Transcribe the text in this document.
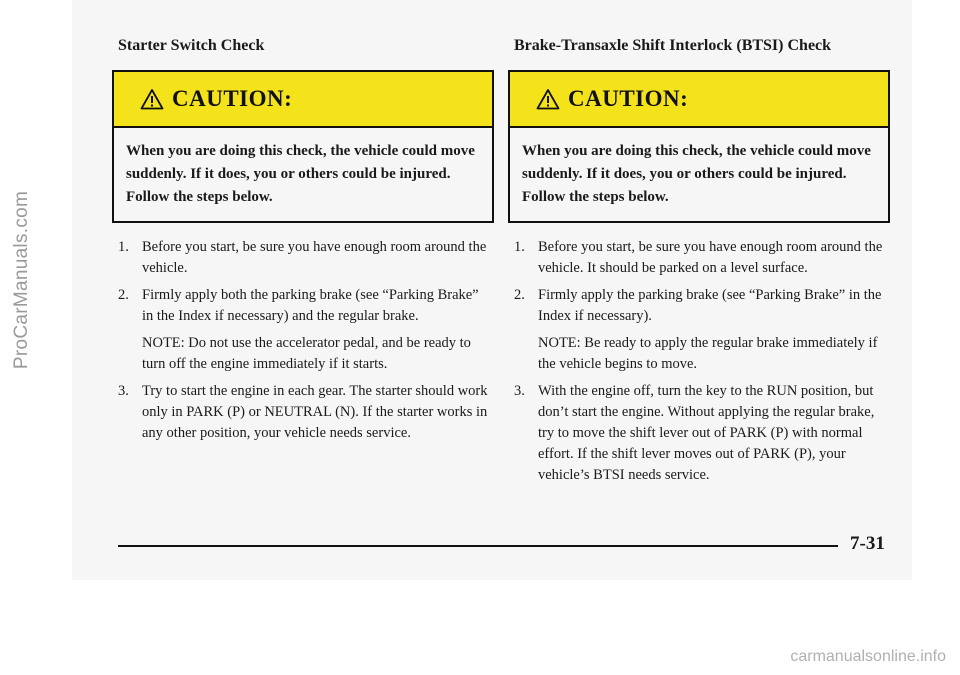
ProCarManuals.com
Starter Switch Check
CAUTION:
When you are doing this check, the vehicle could move suddenly. If it does, you or others could be injured. Follow the steps below.
1. Before you start, be sure you have enough room around the vehicle.

2. Firmly apply both the parking brake (see “Parking Brake” in the Index if necessary) and the regular brake.

NOTE: Do not use the accelerator pedal, and be ready to turn off the engine immediately if it starts.

3. Try to start the engine in each gear. The starter should work only in PARK (P) or NEUTRAL (N). If the starter works in any other position, your vehicle needs service.

Brake-Transaxle Shift Interlock (BTSI) Check
CAUTION:
When you are doing this check, the vehicle could move suddenly. If it does, you or others could be injured. Follow the steps below.
1. Before you start, be sure you have enough room around the vehicle. It should be parked on a level surface.

2. Firmly apply the parking brake (see “Parking Brake” in the Index if necessary).

NOTE: Be ready to apply the regular brake immediately if the vehicle begins to move.

3. With the engine off, turn the key to the RUN position, but don’t start the engine. Without applying the regular brake, try to move the shift lever out of PARK (P) with normal effort. If the shift lever moves out of PARK (P), your vehicle’s BTSI needs service.

7-31
carmanualsonline.info
